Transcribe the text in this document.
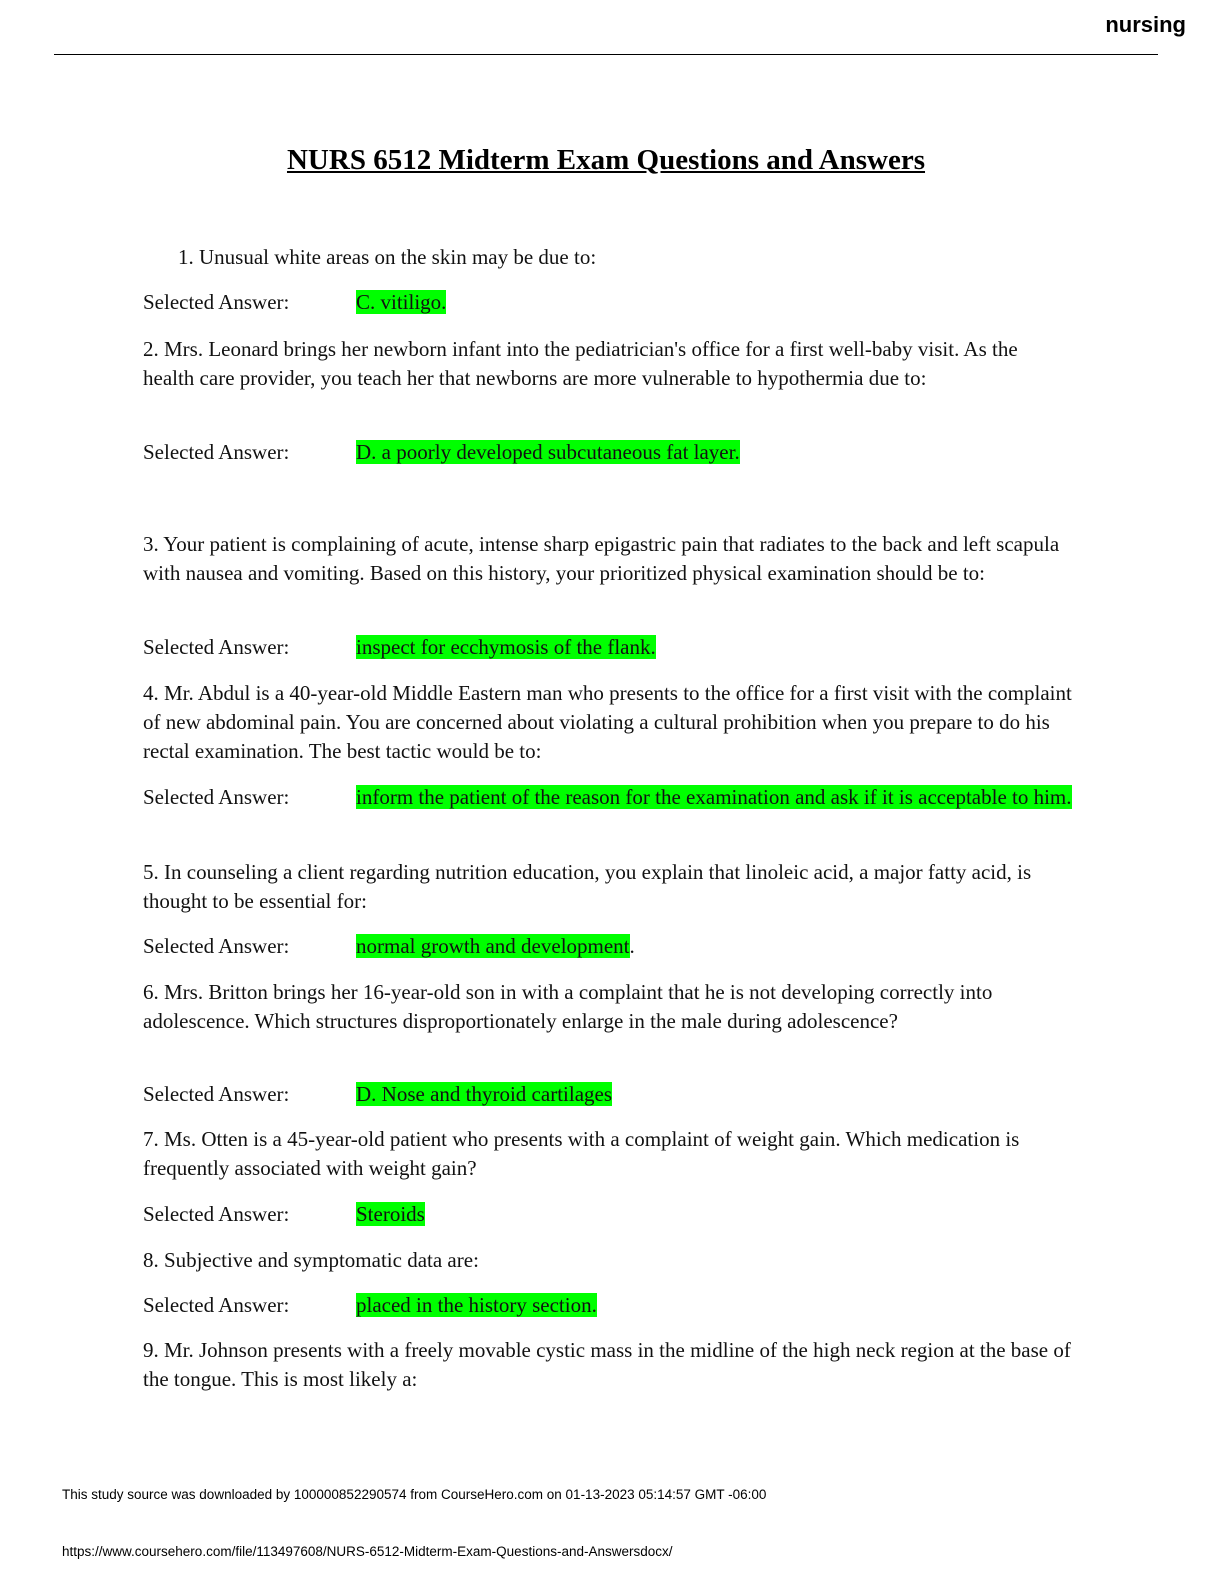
nursing
NURS 6512 Midterm Exam Questions and Answers
1. Unusual white areas on the skin may be due to:
Selected Answer:	C. vitiligo.
2. Mrs. Leonard brings her newborn infant into the pediatrician's office for a first well-baby visit. As the health care provider, you teach her that newborns are more vulnerable to hypothermia due to:
Selected Answer:	D. a poorly developed subcutaneous fat layer.
3. Your patient is complaining of acute, intense sharp epigastric pain that radiates to the back and left scapula with nausea and vomiting. Based on this history, your prioritized physical examination should be to:
Selected Answer:	inspect for ecchymosis of the flank.
4. Mr. Abdul is a 40-year-old Middle Eastern man who presents to the office for a first visit with the complaint of new abdominal pain. You are concerned about violating a cultural prohibition when you prepare to do his rectal examination. The best tactic would be to:
Selected Answer:	inform the patient of the reason for the examination and ask if it is acceptable to him.
5. In counseling a client regarding nutrition education, you explain that linoleic acid, a major fatty acid, is thought to be essential for:
Selected Answer:	normal growth and development.
6. Mrs. Britton brings her 16-year-old son in with a complaint that he is not developing correctly into adolescence. Which structures disproportionately enlarge in the male during adolescence?
Selected Answer:	D. Nose and thyroid cartilages
7. Ms. Otten is a 45-year-old patient who presents with a complaint of weight gain. Which medication is frequently associated with weight gain?
Selected Answer:	Steroids
8. Subjective and symptomatic data are:
Selected Answer:	placed in the history section.
9. Mr. Johnson presents with a freely movable cystic mass in the midline of the high neck region at the base of the tongue. This is most likely a:
This study source was downloaded by 100000852290574 from CourseHero.com on 01-13-2023 05:14:57 GMT -06:00
https://www.coursehero.com/file/113497608/NURS-6512-Midterm-Exam-Questions-and-Answersdocx/
